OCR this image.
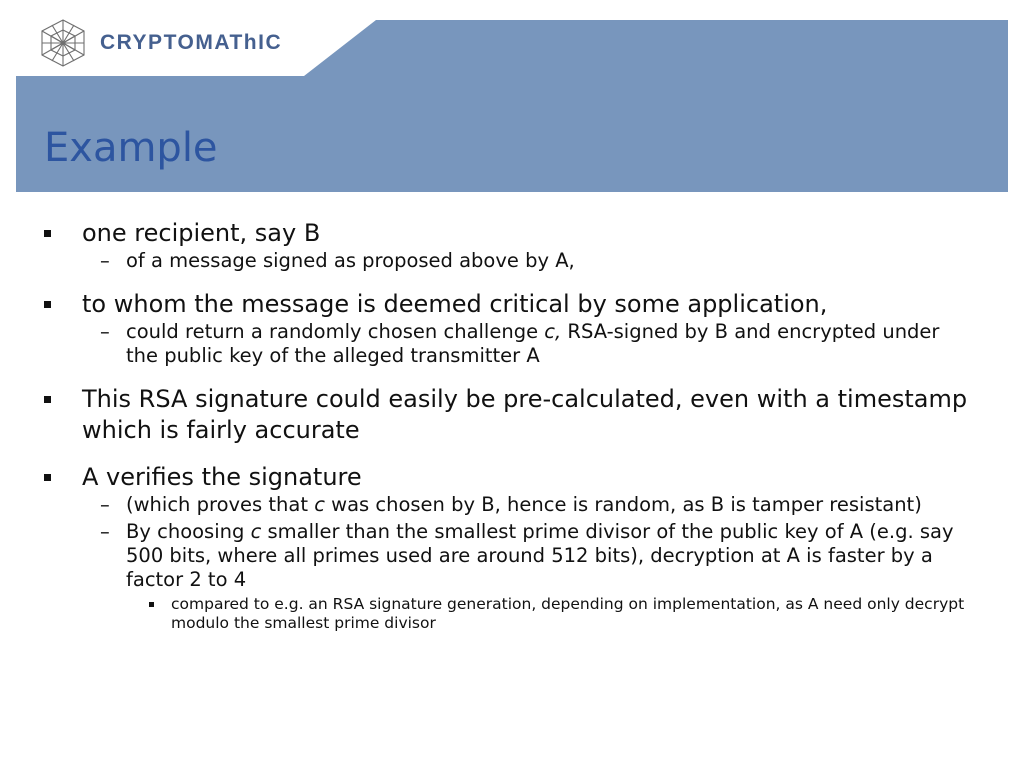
CRYPTOMAThIC
Example
one recipient, say B
– of a message signed as proposed above by A,
to whom the message is deemed critical by some application,
– could return a randomly chosen challenge c, RSA-signed by B and encrypted under the public key of the alleged transmitter A
This RSA signature could easily be pre-calculated, even with a timestamp which is fairly accurate
A verifies the signature
– (which proves that c was chosen by B, hence is random, as B is tamper resistant)
– By choosing c smaller than the smallest prime divisor of the public key of A (e.g. say 500 bits, where all primes used are around 512 bits), decryption at A is faster by a factor 2 to 4
compared to e.g. an RSA signature generation, depending on implementation, as A need only decrypt modulo the smallest prime divisor
